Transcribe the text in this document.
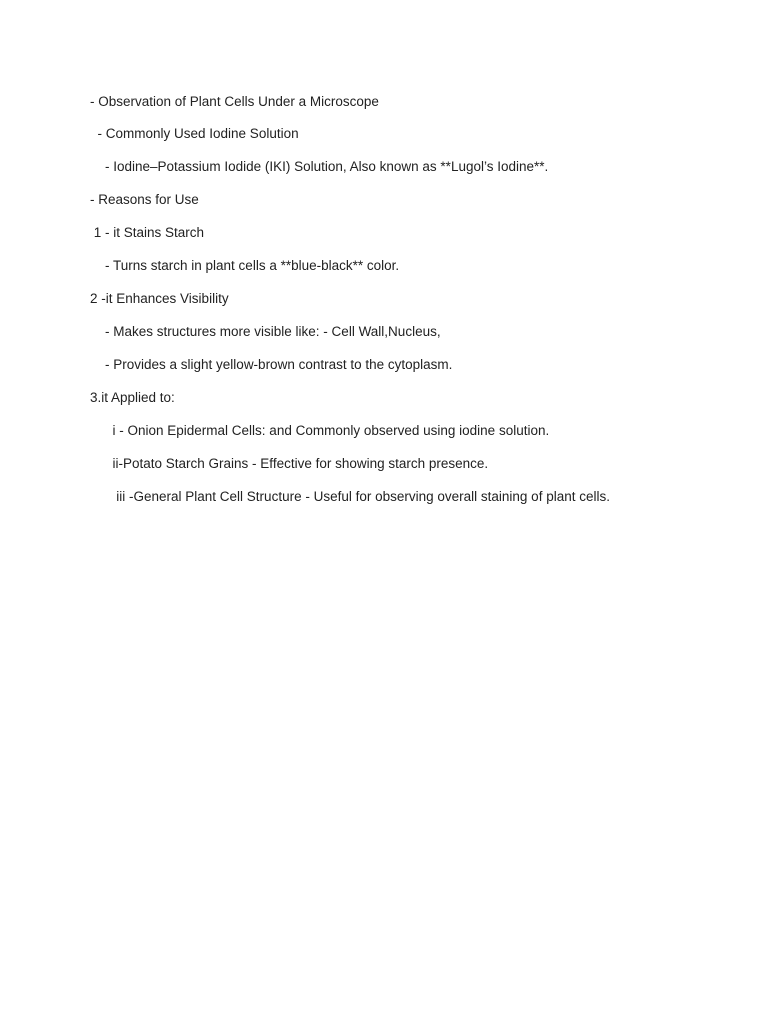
- Observation of Plant Cells Under a Microscope
- Commonly Used Iodine Solution
- Iodine–Potassium Iodide (IKI) Solution, Also known as **Lugol’s Iodine**.
- Reasons for Use
1 - it Stains Starch
- Turns starch in plant cells a **blue-black** color.
2 -it Enhances Visibility
- Makes structures more visible like: - Cell Wall,Nucleus,
- Provides a slight yellow-brown contrast to the cytoplasm.
3.it Applied to:
i - Onion Epidermal Cells: and Commonly observed using iodine solution.
ii-Potato Starch Grains - Effective for showing starch presence.
iii -General Plant Cell Structure - Useful for observing overall staining of plant cells.
